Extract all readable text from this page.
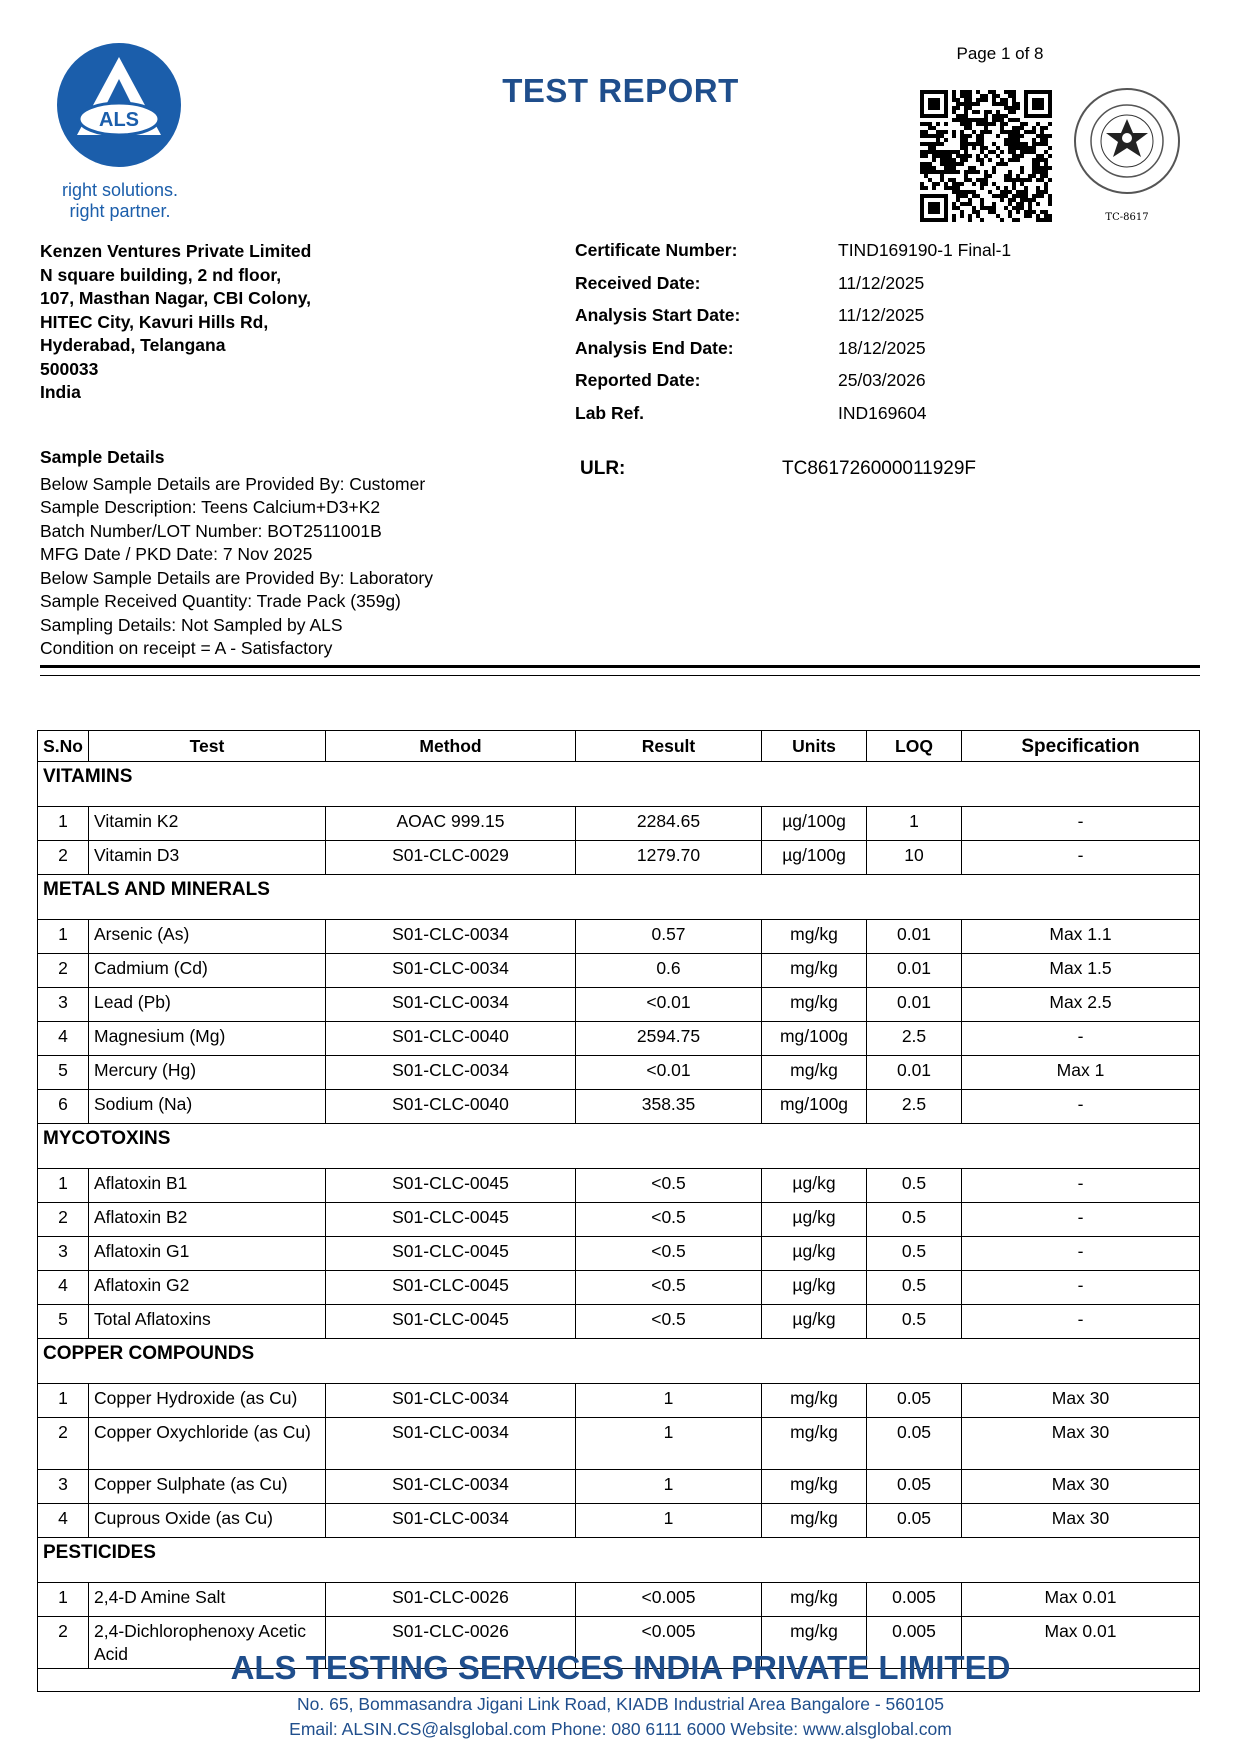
ALS
right solutions.
right partner.
TEST REPORT
Page 1 of 8
TC-8617
Kenzen Ventures Private Limited
N square building, 2 nd floor,
107, Masthan Nagar, CBI Colony,
HITEC City, Kavuri Hills Rd,
Hyderabad, Telangana
500033
India
Certificate Number:	TIND169190-1 Final-1
Received Date:	11/12/2025
Analysis Start Date:	11/12/2025
Analysis End Date:	18/12/2025
Reported Date:	25/03/2026
Lab Ref.	IND169604
ULR:	TC861726000011929F
Sample Details
Below Sample Details are Provided By: Customer
Sample Description: Teens Calcium+D3+K2
Batch Number/LOT Number: BOT2511001B
MFG Date / PKD Date: 7 Nov 2025
Below Sample Details are Provided By: Laboratory
Sample Received Quantity: Trade Pack (359g)
Sampling Details: Not Sampled by ALS
Condition on receipt = A - Satisfactory
S.No	Test	Method	Result	Units	LOQ	Specification
VITAMINS						
1	Vitamin K2	AOAC 999.15	2284.65	µg/100g	1	-
2	Vitamin D3	S01-CLC-0029	1279.70	µg/100g	10	-
METALS AND MINERALS						
1	Arsenic (As)	S01-CLC-0034	0.57	mg/kg	0.01	Max 1.1
2	Cadmium (Cd)	S01-CLC-0034	0.6	mg/kg	0.01	Max 1.5
3	Lead (Pb)	S01-CLC-0034	<0.01	mg/kg	0.01	Max 2.5
4	Magnesium (Mg)	S01-CLC-0040	2594.75	mg/100g	2.5	-
5	Mercury (Hg)	S01-CLC-0034	<0.01	mg/kg	0.01	Max 1
6	Sodium (Na)	S01-CLC-0040	358.35	mg/100g	2.5	-
MYCOTOXINS						
1	Aflatoxin B1	S01-CLC-0045	<0.5	µg/kg	0.5	-
2	Aflatoxin B2	S01-CLC-0045	<0.5	µg/kg	0.5	-
3	Aflatoxin G1	S01-CLC-0045	<0.5	µg/kg	0.5	-
4	Aflatoxin G2	S01-CLC-0045	<0.5	µg/kg	0.5	-
5	Total Aflatoxins	S01-CLC-0045	<0.5	µg/kg	0.5	-
COPPER COMPOUNDS						
1	Copper Hydroxide (as Cu)	S01-CLC-0034	1	mg/kg	0.05	Max 30
2	Copper Oxychloride (as Cu)	S01-CLC-0034	1	mg/kg	0.05	Max 30
3	Copper Sulphate (as Cu)	S01-CLC-0034	1	mg/kg	0.05	Max 30
4	Cuprous Oxide (as Cu)	S01-CLC-0034	1	mg/kg	0.05	Max 30
PESTICIDES						
1	2,4-D Amine Salt	S01-CLC-0026	<0.005	mg/kg	0.005	Max 0.01
2	2,4-Dichlorophenoxy Acetic Acid	S01-CLC-0026	<0.005	mg/kg	0.005	Max 0.01

ALS TESTING SERVICES INDIA PRIVATE LIMITED
No. 65, Bommasandra Jigani Link Road, KIADB Industrial Area Bangalore - 560105
Email: ALSIN.CS@alsglobal.com Phone: 080 6111 6000 Website: www.alsglobal.com
